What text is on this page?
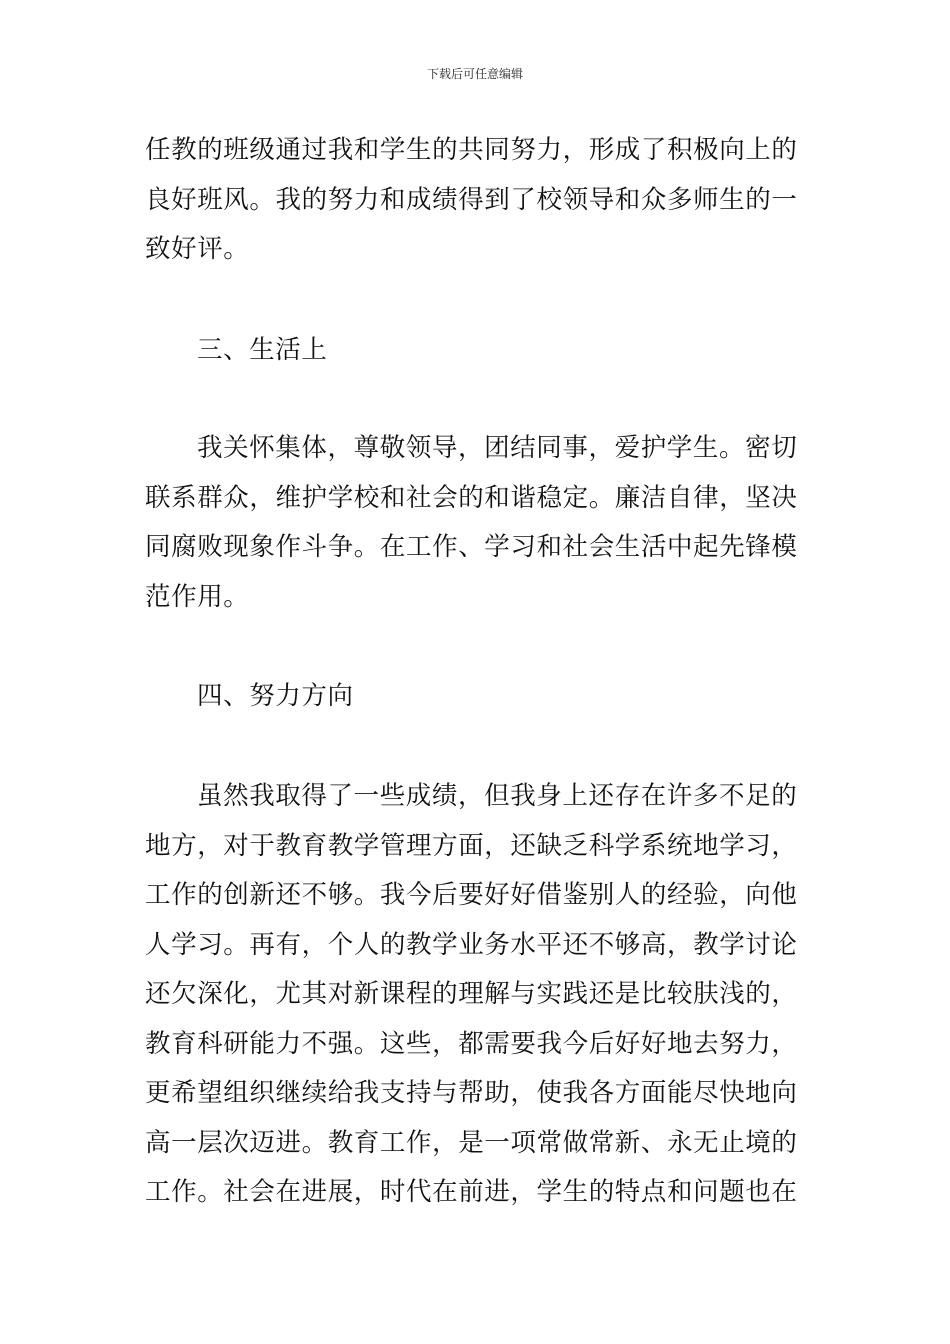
下载后可任意编辑
任教的班级通过我和学生的共同努力，形成了积极向上的
良好班风。我的努力和成绩得到了校领导和众多师生的一
致好评。
三、生活上
我关怀集体，尊敬领导，团结同事，爱护学生。密切
联系群众，维护学校和社会的和谐稳定。廉洁自律，坚决
同腐败现象作斗争。在工作、学习和社会生活中起先锋模
范作用。
四、努力方向
虽然我取得了一些成绩，但我身上还存在许多不足的
地方，对于教育教学管理方面，还缺乏科学系统地学习，
工作的创新还不够。我今后要好好借鉴别人的经验，向他
人学习。再有，个人的教学业务水平还不够高，教学讨论
还欠深化，尤其对新课程的理解与实践还是比较肤浅的，
教育科研能力不强。这些，都需要我今后好好地去努力，
更希望组织继续给我支持与帮助，使我各方面能尽快地向
高一层次迈进。教育工作，是一项常做常新、永无止境的
工作。社会在进展，时代在前进，学生的特点和问题也在
